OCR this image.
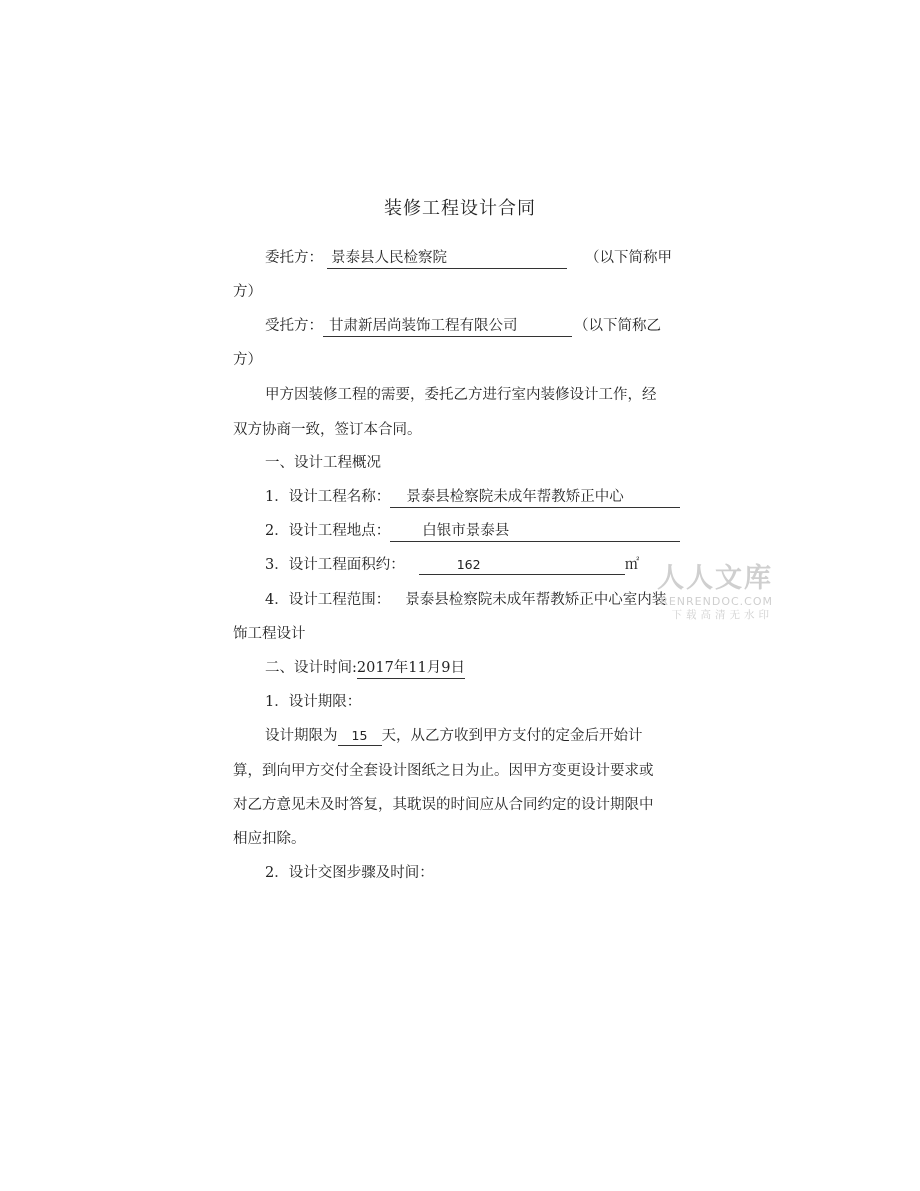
装修工程设计合同
委托方： 景泰县人民检察院	（以下简称甲
方）
受托方： 甘肃新居尚装饰工程有限公司	（以下简称乙
方）
甲方因装修工程的需要，委托乙方进行室内装修设计工作，经
双方协商一致，签订本合同。
一、设计工程概况
1．设计工程名称： 景泰县检察院未成年帮教矫正中心
2．设计工程地点： 白银市景泰县
3．设计工程面积约：	162	㎡
4．设计工程范围： 景泰县检察院未成年帮教矫正中心室内装
饰工程设计
二、设计时间:2017年11月9日
1．设计期限：
设计期限为 15 天，从乙方收到甲方支付的定金后开始计
算，到向甲方交付全套设计图纸之日为止。因甲方变更设计要求或
对乙方意见未及时答复，其耽误的时间应从合同约定的设计期限中
相应扣除。
2．设计交图步骤及时间：
人人文库
RENRENDOC.COM
下载高清无水印
